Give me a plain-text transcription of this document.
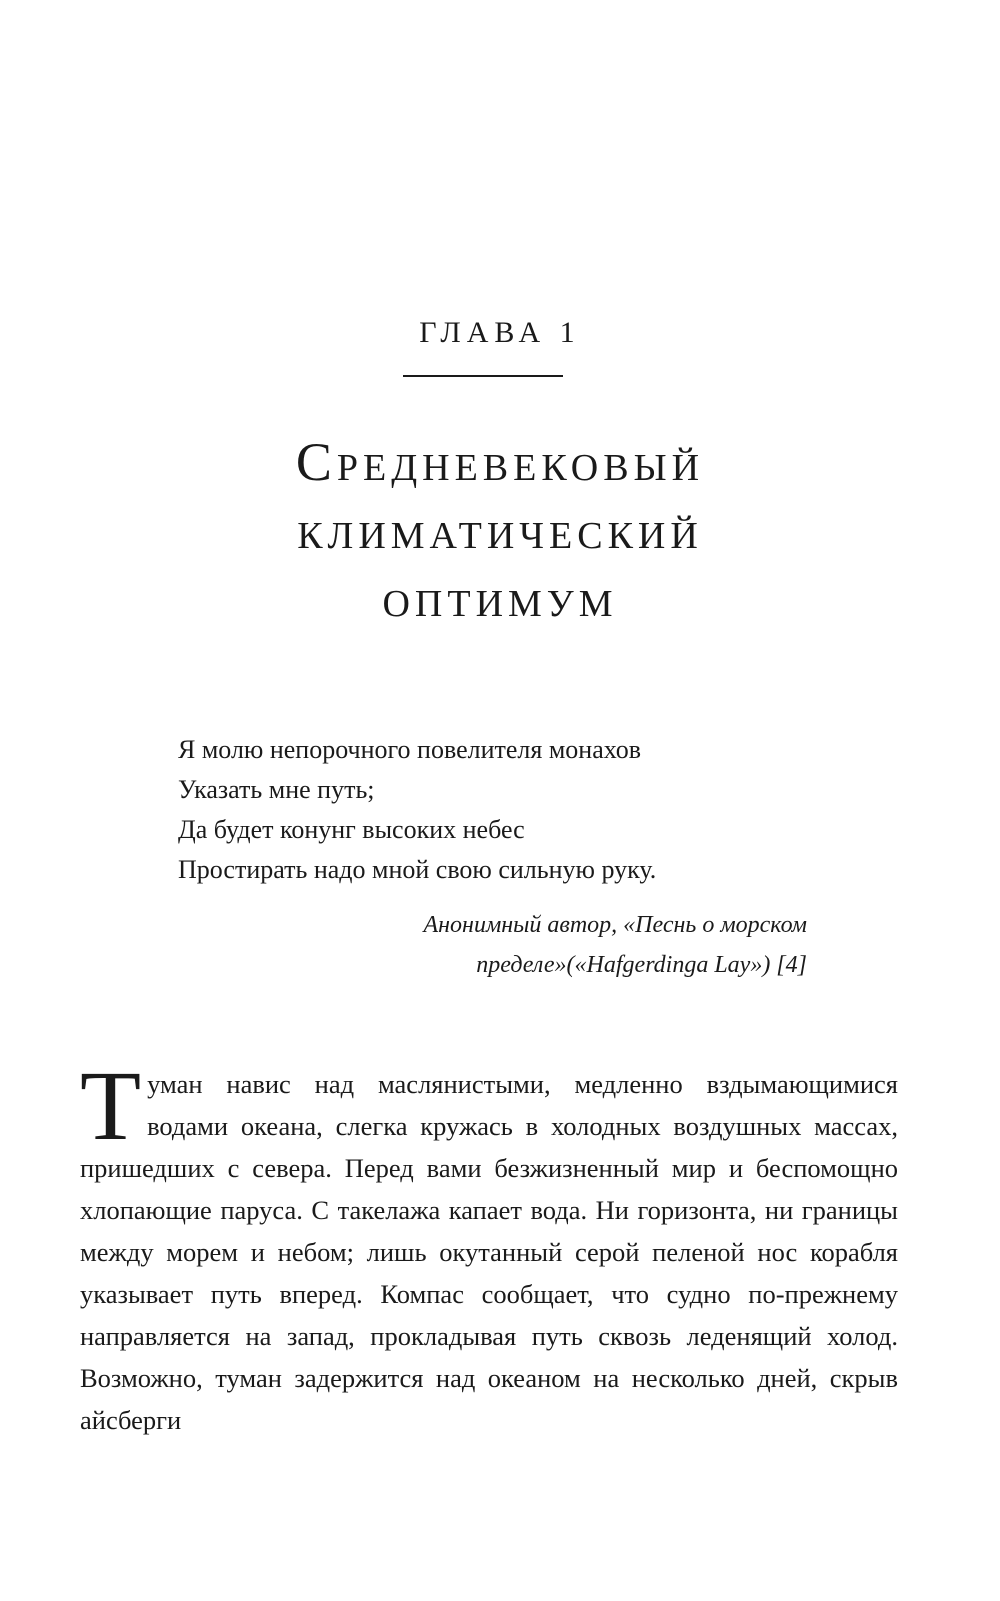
ГЛАВА 1
Средневековый
климатический
оптимум
Я молю непорочного повелителя монахов
Указать мне путь;
Да будет конунг высоких небес
Простирать надо мной свою сильную руку.
Анонимный автор, «Песнь о морском
пределе»(«Hafgerdinga Lay») [4]
Туман навис над маслянистыми, медленно вздымающимися водами океана, слегка кружась в холодных воздушных массах, пришедших с севера. Перед вами безжизненный мир и беспомощно хлопающие паруса. С такелажа капает вода. Ни горизонта, ни границы между морем и небом; лишь окутанный серой пеленой нос корабля указывает путь вперед. Компас сообщает, что судно по-прежнему направляется на запад, прокладывая путь сквозь леденящий холод. Возможно, туман задержится над океаном на несколько дней, скрыв айсберги
